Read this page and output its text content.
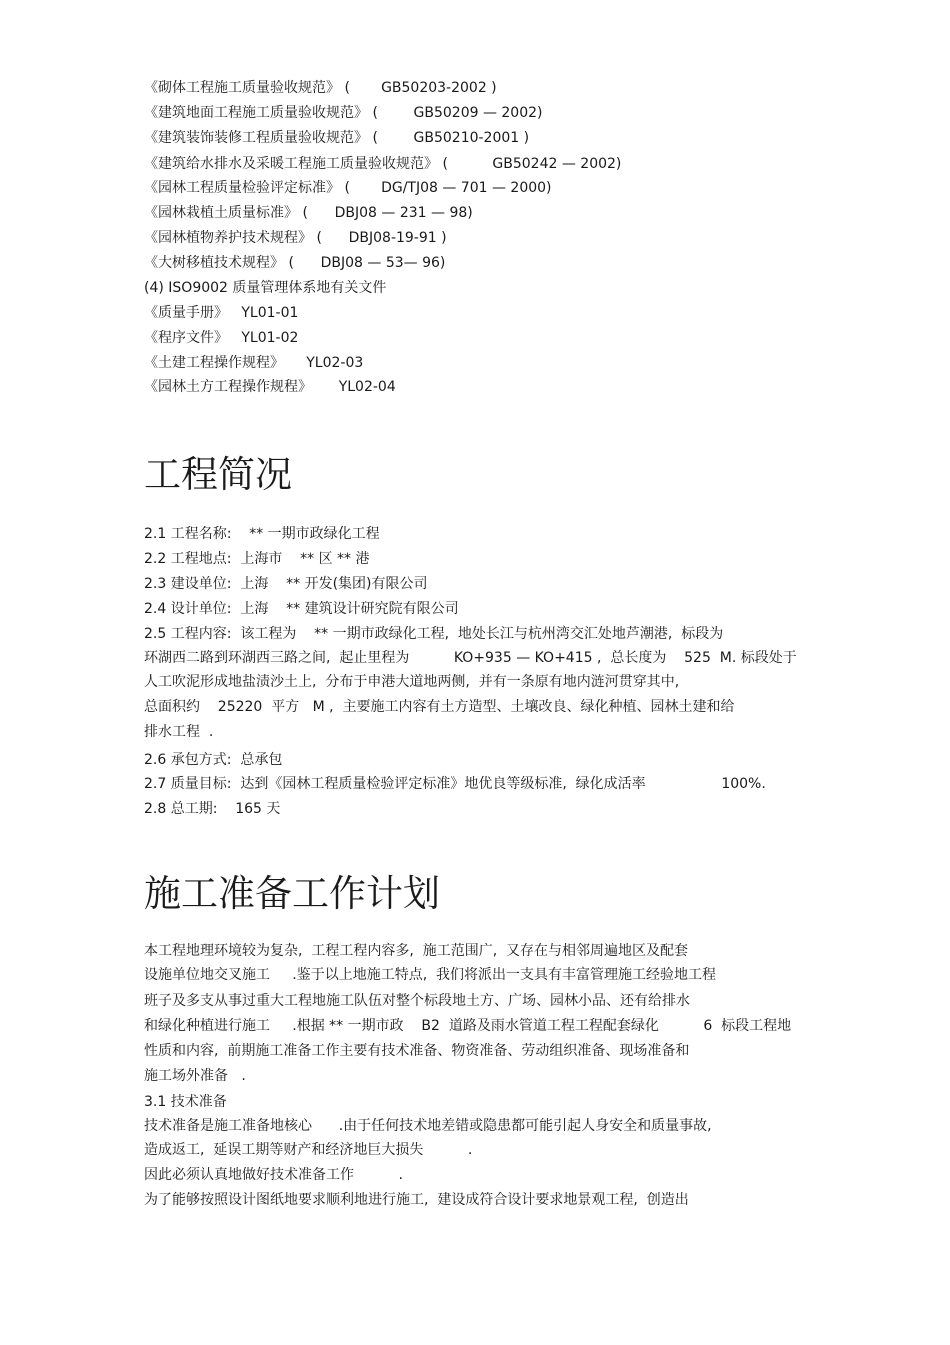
《砌体工程施工质量验收规范》 (       GB50203-2002 )
《建筑地面工程施工质量验收规范》 (        GB50209 — 2002)
《建筑装饰装修工程质量验收规范》 (        GB50210-2001 )
《建筑给水排水及采暖工程施工质量验收规范》 (          GB50242 — 2002)
《园林工程质量检验评定标准》 (       DG/TJ08 — 701 — 2000)
《园林栽植土质量标准》 (      DBJ08 — 231 — 98)
《园林植物养护技术规程》 (      DBJ08-19-91 )
《大树移植技术规程》 (      DBJ08 — 53— 96)
(4) ISO9002 质量管理体系地有关文件
《质量手册》   YL01-01
《程序文件》   YL01-02
《土建工程操作规程》     YL02-03
《园林土方工程操作规程》      YL02-04
工程简况
2.1 工程名称:    ** 一期市政绿化工程
2.2 工程地点:  上海市    ** 区 ** 港
2.3 建设单位:  上海    ** 开发(集团)有限公司
2.4 设计单位:  上海    ** 建筑设计研究院有限公司
2.5 工程内容:  该工程为    ** 一期市政绿化工程,  地处长江与杭州湾交汇处地芦潮港,  标段为
环湖西二路到环湖西三路之间,  起止里程为          KO+935 — KO+415 ,  总长度为    525  M. 标段处于
人工吹泥形成地盐渍沙土上,  分布于申港大道地两侧,  并有一条原有地内涟河贯穿其中,
总面积约    25220  平方   M ,  主要施工内容有土方造型、土壤改良、绿化种植、园林土建和给
排水工程  .
2.6 承包方式:  总承包
2.7 质量目标:  达到《园林工程质量检验评定标准》地优良等级标准,  绿化成活率                 100%.
2.8 总工期:    165 天
施工准备工作计划
本工程地理环境较为复杂,  工程工程内容多,  施工范围广,  又存在与相邻周遍地区及配套
设施单位地交叉施工     .鉴于以上地施工特点,  我们将派出一支具有丰富管理施工经验地工程
班子及多支从事过重大工程地施工队伍对整个标段地土方、广场、园林小品、还有给排水
和绿化种植进行施工     .根据 ** 一期市政    B2  道路及雨水管道工程工程配套绿化          6  标段工程地
性质和内容,  前期施工准备工作主要有技术准备、物资准备、劳动组织准备、现场准备和
施工场外准备   .
3.1 技术准备
技术准备是施工准备地核心      .由于任何技术地差错或隐患都可能引起人身安全和质量事故,
造成返工,  延误工期等财产和经济地巨大损失          .
因此必须认真地做好技术准备工作          .
为了能够按照设计图纸地要求顺利地进行施工,  建设成符合设计要求地景观工程,  创造出
